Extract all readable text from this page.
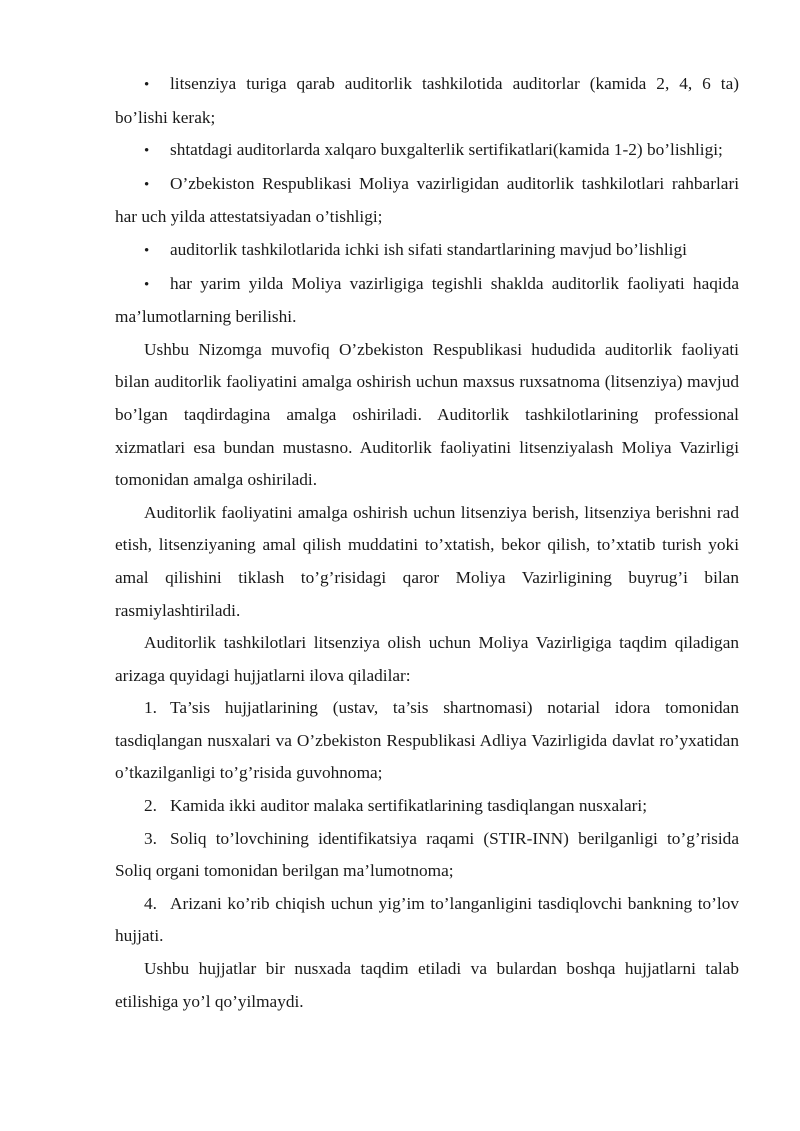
• litsenziya turiga qarab auditorlik tashkilotida auditorlar (kamida 2, 4, 6 ta) bo’lishi kerak;

• shtatdagi auditorlarda xalqaro buxgalterlik sertifikatlari(kamida 1-2) bo’lishligi;

• O’zbekiston Respublikasi Moliya vazirligidan auditorlik tashkilotlari rahbarlari har uch yilda attestatsiyadan o’tishligi;

• auditorlik tashkilotlarida ichki ish sifati standartlarining mavjud bo’lishligi

• har yarim yilda Moliya vazirligiga tegishli shaklda auditorlik faoliyati haqida ma’lumotlarning berilishi.

Ushbu Nizomga muvofiq O’zbekiston Respublikasi hududida auditorlik faoliyati bilan auditorlik faoliyatini amalga oshirish uchun maxsus ruxsatnoma (litsenziya) mavjud bo’lgan taqdirdagina amalga oshiriladi. Auditorlik tashkilotlarining professional xizmatlari esa bundan mustasno. Auditorlik faoliyatini litsenziyalash Moliya Vazirligi tomonidan amalga oshiriladi.

Auditorlik faoliyatini amalga oshirish uchun litsenziya berish, litsenziya berishni rad etish, litsenziyaning amal qilish muddatini to’xtatish, bekor qilish, to’xtatib turish yoki amal qilishini tiklash to’g’risidagi qaror Moliya Vazirligining buyrug’i bilan rasmiylashtiriladi.

Auditorlik tashkilotlari litsenziya olish uchun Moliya Vazirligiga taqdim qiladigan arizaga quyidagi hujjatlarni ilova qiladilar:

1. Ta’sis hujjatlarining (ustav, ta’sis shartnomasi) notarial idora tomonidan tasdiqlangan nusxalari va O’zbekiston Respublikasi Adliya Vazirligida davlat ro’yxatidan o’tkazilganligi to’g’risida guvohnoma;

2. Kamida ikki auditor malaka sertifikatlarining tasdiqlangan nusxalari;

3. Soliq to’lovchining identifikatsiya raqami (STIR-INN) berilganligi to’g’risida Soliq organi tomonidan berilgan ma’lumotnoma;

4. Arizani ko’rib chiqish uchun yig’im to’langanligini tasdiqlovchi bankning to’lov hujjati.

Ushbu hujjatlar bir nusxada taqdim etiladi va bulardan boshqa hujjatlarni talab etilishiga yo’l qo’yilmaydi.
